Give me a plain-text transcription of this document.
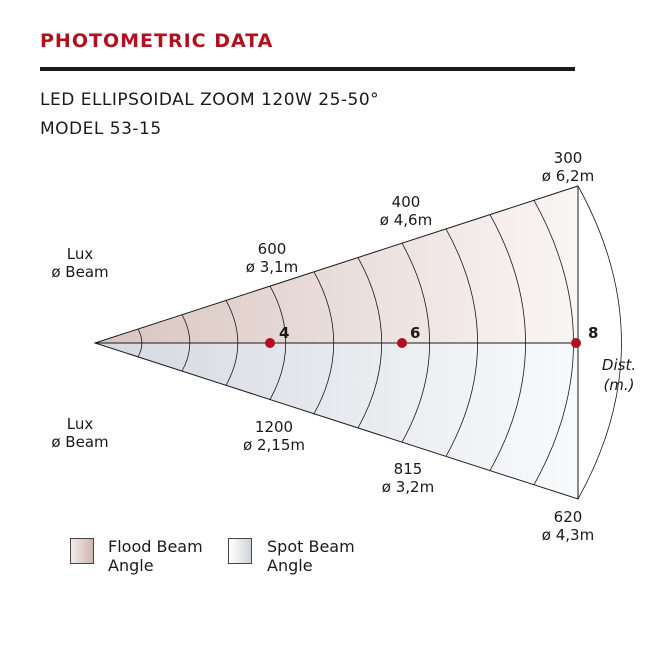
PHOTOMETRIC DATA
LED ELLIPSOIDAL ZOOM 120W 25-50°
MODEL 53-15
Lux
ø Beam
600
ø 3,1m
400
ø 4,6m
300
ø 6,2m
Lux
ø Beam
1200
ø 2,15m
815
ø 3,2m
620
ø 4,3m
4	6	8
Dist.
(m.)
Flood Beam
Angle
Spot Beam
Angle
